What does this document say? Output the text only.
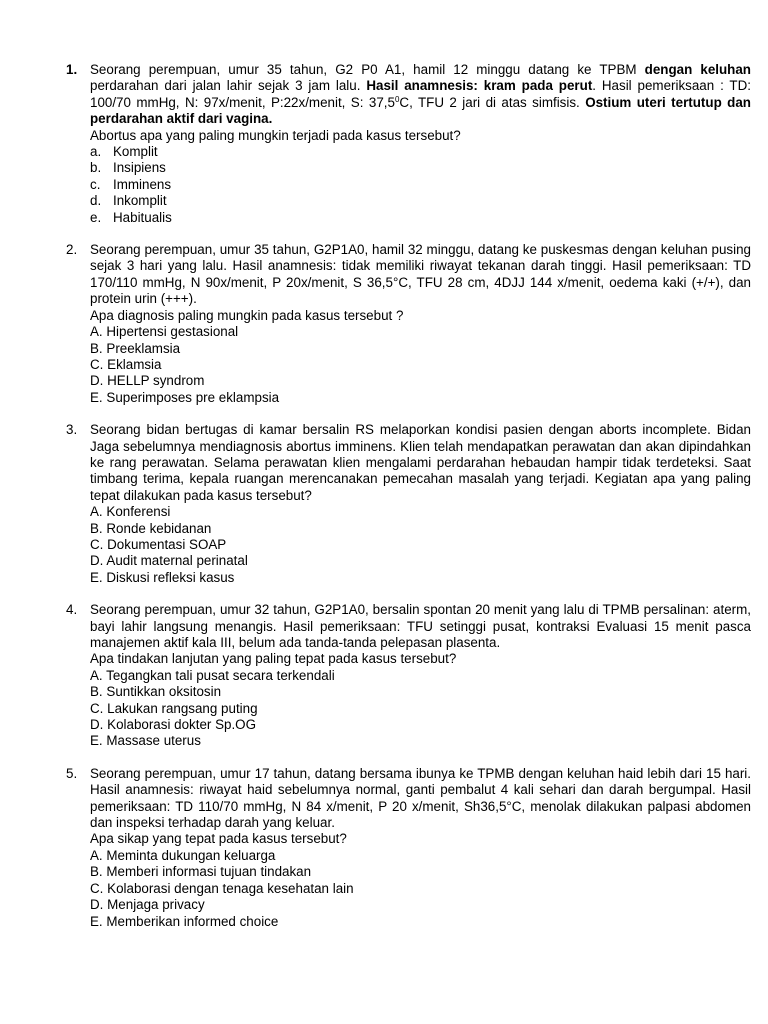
1. Seorang perempuan, umur 35 tahun, G2 P0 A1, hamil 12 minggu datang ke TPBM dengan keluhan perdarahan dari jalan lahir sejak 3 jam lalu. Hasil anamnesis: kram pada perut. Hasil pemeriksaan : TD: 100/70 mmHg, N: 97x/menit, P:22x/menit, S: 37,5$^0$C, TFU 2 jari di atas simfisis. Ostium uteri tertutup dan perdarahan aktif dari vagina.

Abortus apa yang paling mungkin terjadi pada kasus tersebut?

a. Komplit
b. Insipiens
c. Imminens
d. Inkomplit
e. Habitualis
2. Seorang perempuan, umur 35 tahun, G2P1A0, hamil 32 minggu, datang ke puskesmas dengan keluhan pusing sejak 3 hari yang lalu. Hasil anamnesis: tidak memiliki riwayat tekanan darah tinggi. Hasil pemeriksaan: TD 170/110 mmHg, N 90x/menit, P 20x/menit, S 36,5°C, TFU 28 cm, 4DJJ 144 x/menit, oedema kaki (+/+), dan protein urin (+++).

Apa diagnosis paling mungkin pada kasus tersebut ?

A. Hipertensi gestasional
B. Preeklamsia
C. Eklamsia
D. HELLP syndrom
E. Superimposes pre eklampsia
3. Seorang bidan bertugas di kamar bersalin RS melaporkan kondisi pasien dengan aborts incomplete. Bidan Jaga sebelumnya mendiagnosis abortus imminens. Klien telah mendapatkan perawatan dan akan dipindahkan ke rang perawatan. Selama perawatan klien mengalami perdarahan hebaudan hampir tidak terdeteksi. Saat timbang terima, kepala ruangan merencanakan pemecahan masalah yang terjadi. Kegiatan apa yang paling tepat dilakukan pada kasus tersebut?

A. Konferensi
B. Ronde kebidanan
C. Dokumentasi SOAP
D. Audit maternal perinatal
E. Diskusi refleksi kasus
4. Seorang perempuan, umur 32 tahun, G2P1A0, bersalin spontan 20 menit yang lalu di TPMB persalinan: aterm, bayi lahir langsung menangis. Hasil pemeriksaan: TFU setinggi pusat, kontraksi Evaluasi 15 menit pasca manajemen aktif kala III, belum ada tanda-tanda pelepasan plasenta.

Apa tindakan lanjutan yang paling tepat pada kasus tersebut?

A. Tegangkan tali pusat secara terkendali
B. Suntikkan oksitosin
C. Lakukan rangsang puting
D. Kolaborasi dokter Sp.OG
E. Massase uterus
5. Seorang perempuan, umur 17 tahun, datang bersama ibunya ke TPMB dengan keluhan haid lebih dari 15 hari. Hasil anamnesis: riwayat haid sebelumnya normal, ganti pembalut 4 kali sehari dan darah bergumpal. Hasil pemeriksaan: TD 110/70 mmHg, N 84 x/menit, P 20 x/menit, Sh36,5°C, menolak dilakukan palpasi abdomen dan inspeksi terhadap darah yang keluar.

Apa sikap yang tepat pada kasus tersebut?

A. Meminta dukungan keluarga
B. Memberi informasi tujuan tindakan
C. Kolaborasi dengan tenaga kesehatan lain
D. Menjaga privacy
E. Memberikan informed choice
